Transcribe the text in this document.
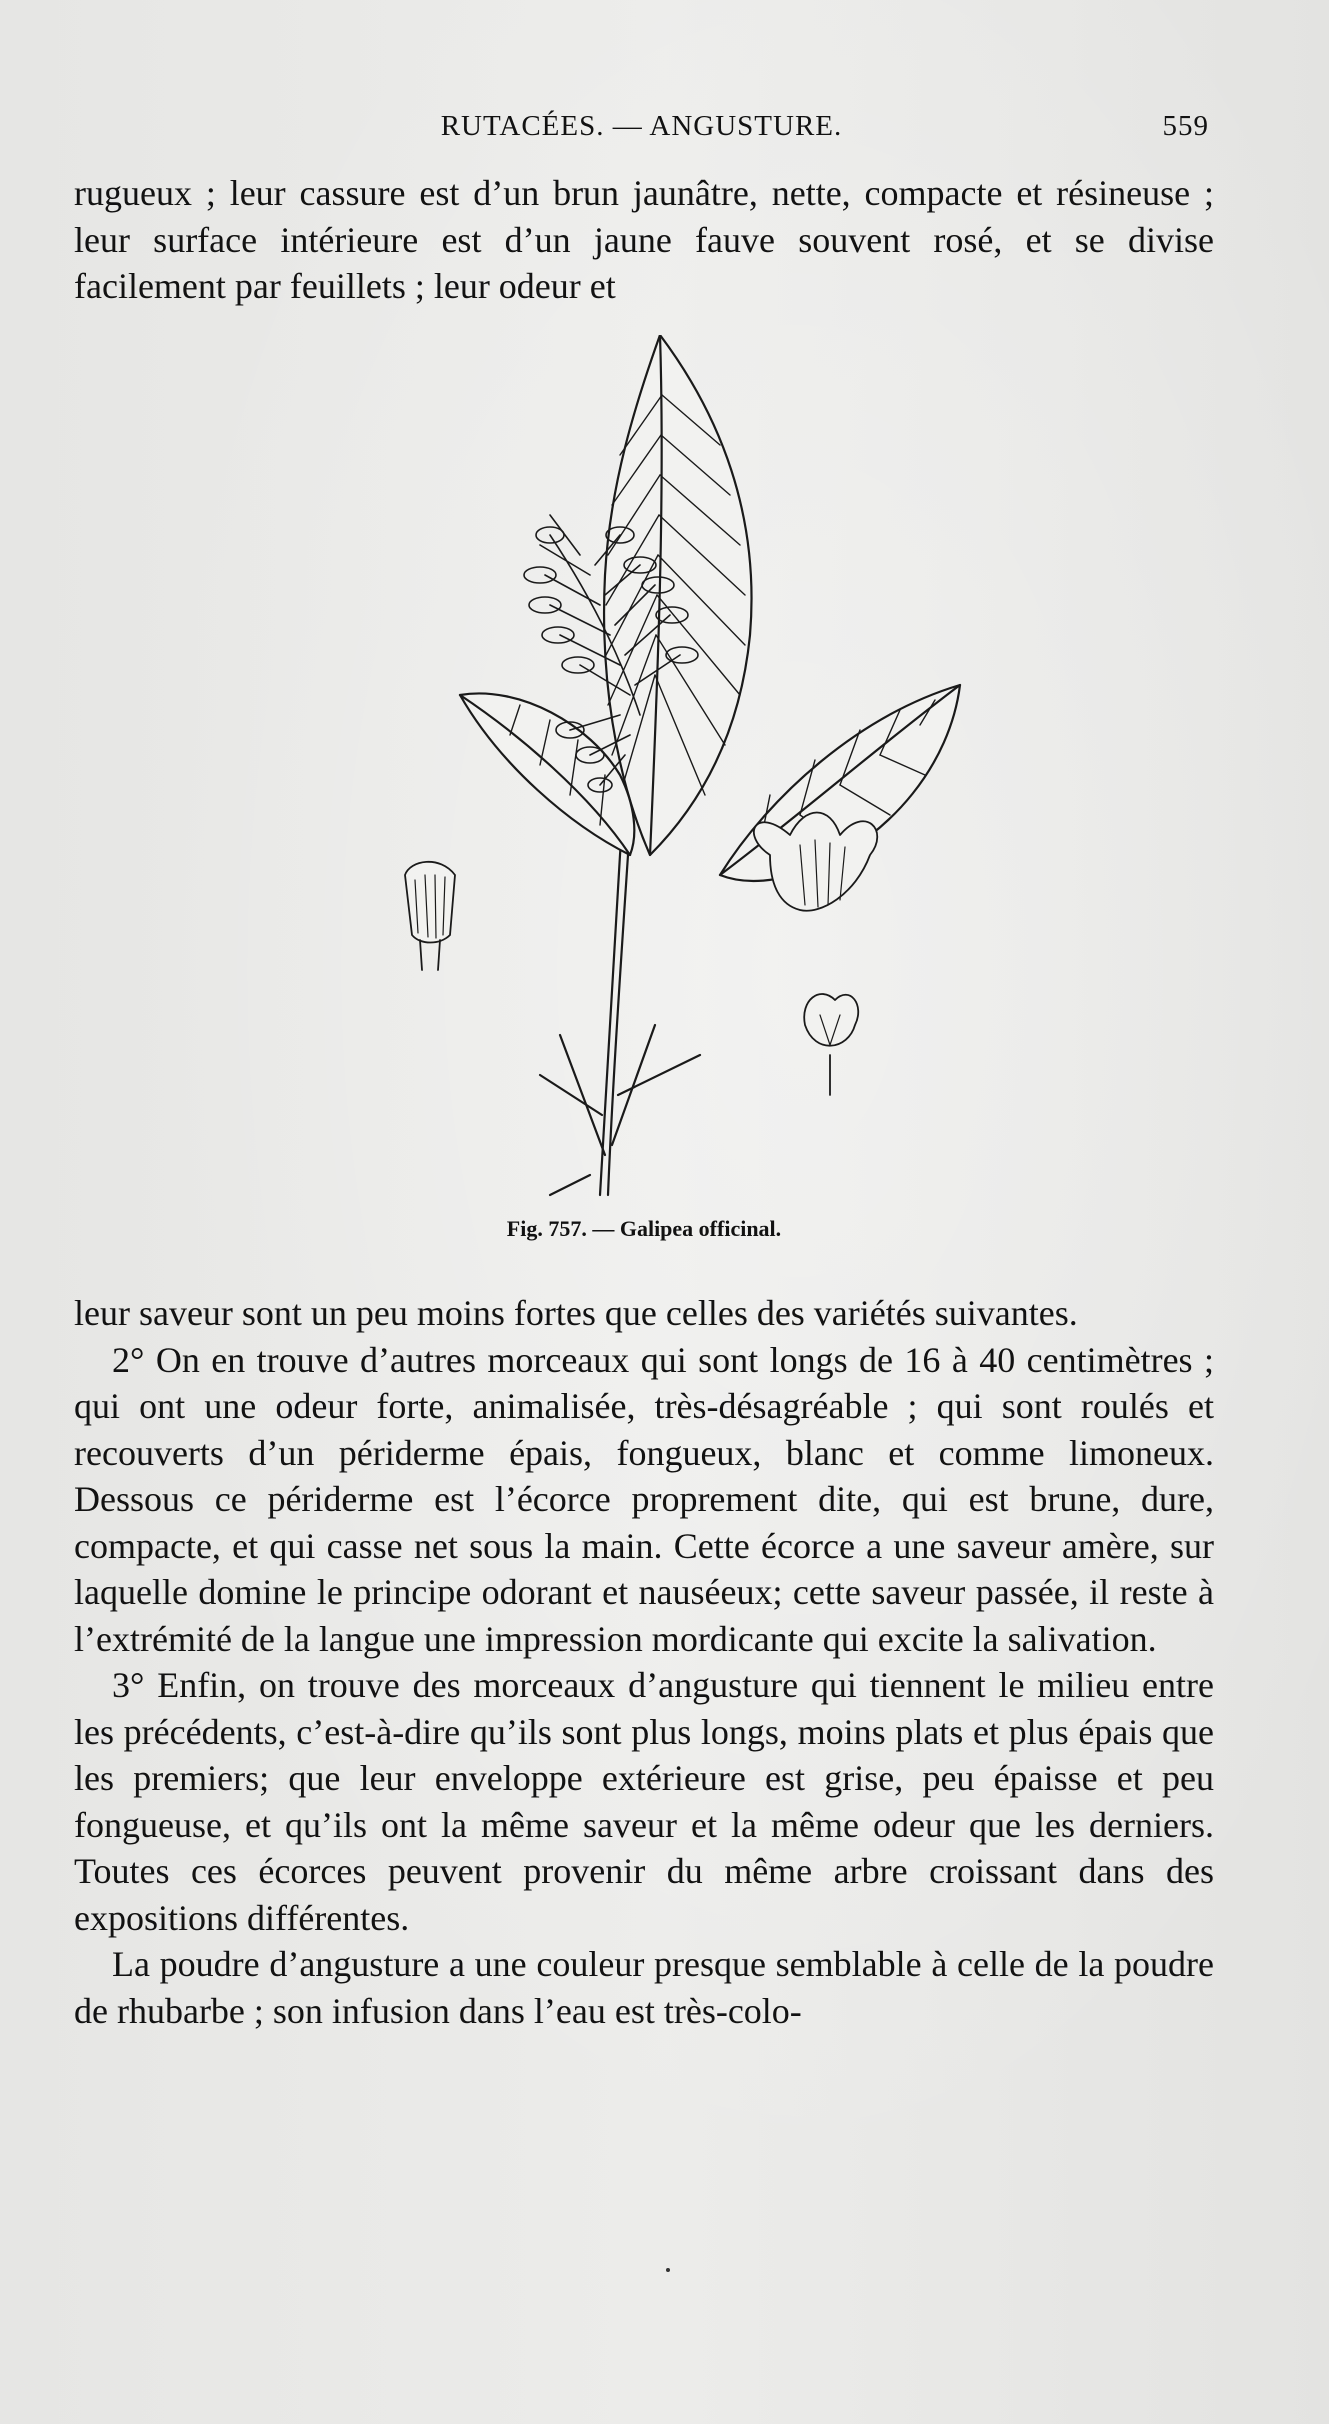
RUTACÉES. — ANGUSTURE.	559

rugueux ; leur cassure est d’un brun jaunâtre, nette, compacte et résineuse ; leur surface intérieure est d’un jaune fauve souvent rosé, et se divise facilement par feuillets ; leur odeur et

Fig. 757. — Galipea officinal.

leur saveur sont un peu moins fortes que celles des variétés suivantes.

2° On en trouve d’autres morceaux qui sont longs de 16 à 40 centimètres ; qui ont une odeur forte, animalisée, très-désagréable ; qui sont roulés et recouverts d’un périderme épais, fongueux, blanc et comme limoneux. Dessous ce périderme est l’écorce proprement dite, qui est brune, dure, compacte, et qui casse net sous la main. Cette écorce a une saveur amère, sur laquelle domine le principe odorant et nauséeux; cette saveur passée, il reste à l’extrémité de la langue une impression mordicante qui excite la salivation.

3° Enfin, on trouve des morceaux d’angusture qui tiennent le milieu entre les précédents, c’est-à-dire qu’ils sont plus longs, moins plats et plus épais que les premiers; que leur enveloppe extérieure est grise, peu épaisse et peu fongueuse, et qu’ils ont la même saveur et la même odeur que les derniers. Toutes ces écorces peuvent provenir du même arbre croissant dans des expositions différentes.

La poudre d’angusture a une couleur presque semblable à celle de la poudre de rhubarbe ; son infusion dans l’eau est très-colo-
